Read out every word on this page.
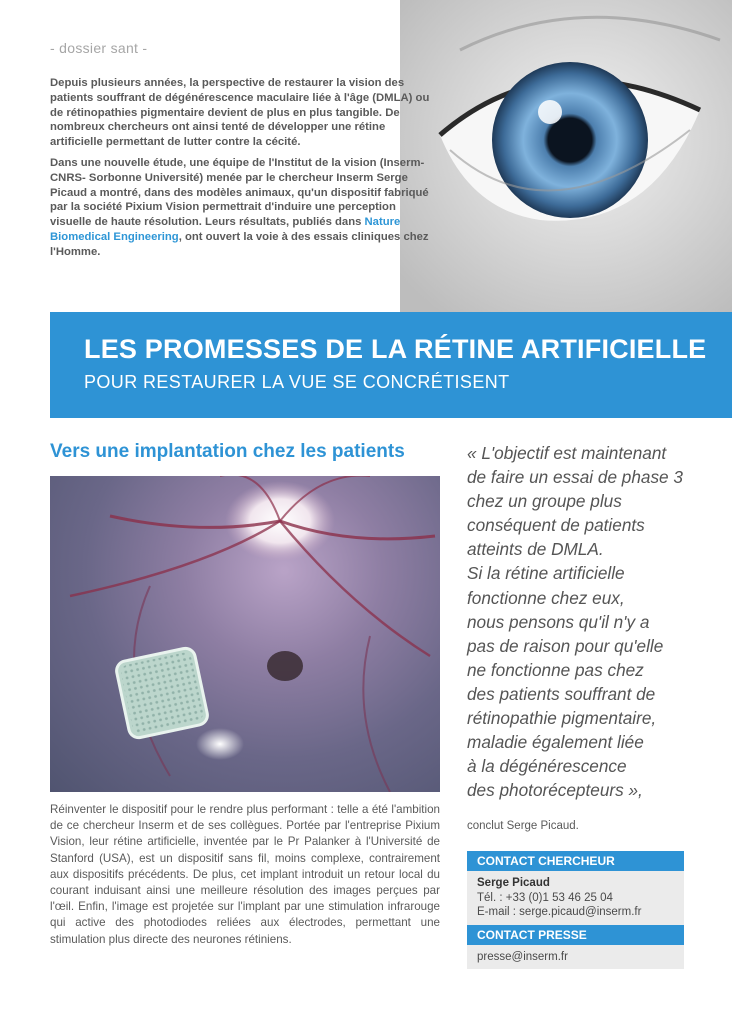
- dossier sant -

Depuis plusieurs années, la perspective de restaurer la vision des patients souffrant de dégénérescence maculaire liée à l'âge (DMLA) ou de rétinopathies pigmentaire devient de plus en plus tangible. De nombreux chercheurs ont ainsi tenté de développer une rétine artificielle permettant de lutter contre la cécité.

Dans une nouvelle étude, une équipe de l'Institut de la vision (Inserm-CNRS- Sorbonne Université) menée par le chercheur Inserm Serge Picaud a montré, dans des modèles animaux, qu'un dispositif fabriqué par la société Pixium Vision permettrait d'induire une perception visuelle de haute résolution. Leurs résultats, publiés dans Nature Biomedical Engineering, ont ouvert la voie à des essais cliniques chez l'Homme.

LES PROMESSES DE LA RÉTINE ARTIFICIELLE
POUR RESTAURER LA VUE SE CONCRÉTISENT
Vers une implantation chez les patients
Réinventer le dispositif pour le rendre plus performant : telle a été l'ambition de ce chercheur Inserm et de ses collègues. Portée par l'entreprise Pixium Vision, leur rétine artificielle, inventée par le Pr Palanker à l'Université de Stanford (USA), est un dispositif sans fil, moins complexe, contrairement aux dispositifs précédents. De plus, cet implant introduit un retour local du courant induisant ainsi une meilleure résolution des images perçues par l'œil. Enfin, l'image est projetée sur l'implant par une stimulation infrarouge qui active des photodiodes reliées aux électrodes, permettant une stimulation plus directe des neurones rétiniens.
« L'objectif est maintenant
de faire un essai de phase 3
chez un groupe plus
conséquent de patients
atteints de DMLA.
Si la rétine artificielle
fonctionne chez eux,
nous pensons qu'il n'y a
pas de raison pour qu'elle
ne fonctionne pas chez
des patients souffrant de
rétinopathie pigmentaire,
maladie également liée
à la dégénérescence
des photorécepteurs »,
conclut Serge Picaud.
CONTACT CHERCHEUR
Serge Picaud
Tél. : +33 (0)1 53 46 25 04
E-mail : serge.picaud@inserm.fr
CONTACT PRESSE
presse@inserm.fr
